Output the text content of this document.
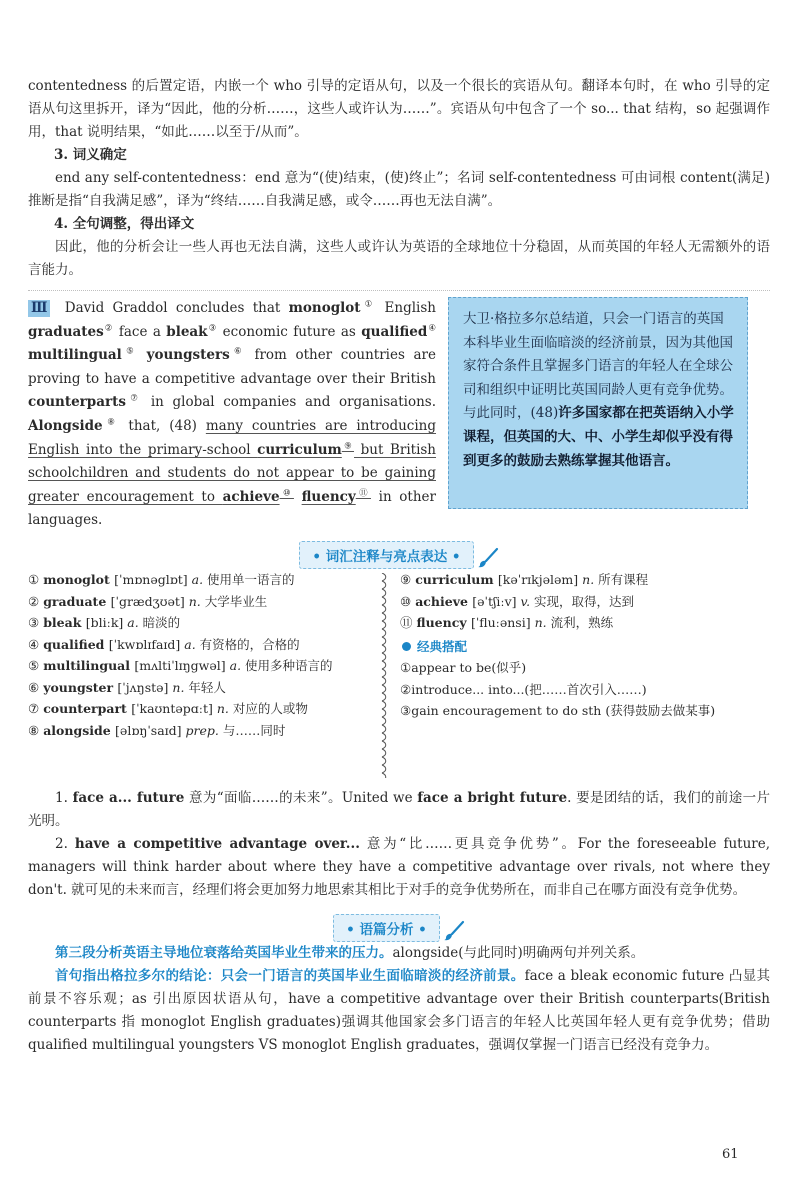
contentedness 的后置定语，内嵌一个 who 引导的定语从句，以及一个很长的宾语从句。翻译本句时，在 who 引导的定语从句这里拆开，译为“因此，他的分析……，这些人或许认为……”。宾语从句中包含了一个 so... that 结构，so 起强调作用，that 说明结果，“如此……以至于/从而”。

3. 词义确定

end any self-contentedness：end 意为“(使)结束，(使)终止”；名词 self-contentedness 可由词根 content(满足)推断是指“自我满足感”，译为“终结……自我满足感，或令……再也无法自满”。

4. 全句调整，得出译文

因此，他的分析会让一些人再也无法自满，这些人或许认为英语的全球地位十分稳固，从而英国的年轻人无需额外的语言能力。

Ⅲ David Graddol concludes that monoglot① English graduates② face a bleak③ economic future as qualified④ multilingual⑤ youngsters⑥ from other countries are proving to have a competitive advantage over their British counterparts⑦ in global companies and organisations. Alongside⑧ that, (48) many countries are introducing English into the primary-school curriculum⑨ but British schoolchildren and students do not appear to be gaining greater encouragement to achieve⑩ fluency⑪ in other languages.

大卫·格拉多尔总结道，只会一门语言的英国本科毕业生面临暗淡的经济前景，因为其他国家符合条件且掌握多门语言的年轻人在全球公司和组织中证明比英国同龄人更有竞争优势。与此同时，(48)许多国家都在把英语纳入小学课程，但英国的大、中、小学生却似乎没有得到更多的鼓励去熟练掌握其他语言。
• 词汇注释与亮点表达 •
① monoglot [ˈmɒnəglɒt] a. 使用单一语言的
② graduate [ˈgrædʒʊət] n. 大学毕业生
③ bleak [bliːk] a. 暗淡的
④ qualified [ˈkwɒlɪfaɪd] a. 有资格的，合格的
⑤ multilingual [mʌltiˈlɪŋgwəl] a. 使用多种语言的
⑥ youngster [ˈjʌŋstə] n. 年轻人
⑦ counterpart [ˈkaʊntəpɑːt] n. 对应的人或物
⑧ alongside [əlɒŋˈsaɪd] prep. 与……同时
⑨ curriculum [kəˈrɪkjələm] n. 所有课程
⑩ achieve [əˈtʃiːv] v. 实现，取得，达到
⑪ fluency [ˈfluːənsi] n. 流利，熟练
经典搭配
①appear to be(似乎)
②introduce... into...(把……首次引入……)
③gain encouragement to do sth (获得鼓励去做某事)

1. face a... future 意为“面临……的未来”。United we face a bright future. 要是团结的话，我们的前途一片光明。

2. have a competitive advantage over... 意为“比……更具竞争优势”。For the foreseeable future, managers will think harder about where they have a competitive advantage over rivals, not where they don't. 就可见的未来而言，经理们将会更加努力地思索其相比于对手的竞争优势所在，而非自己在哪方面没有竞争优势。

• 语篇分析 •

第三段分析英语主导地位衰落给英国毕业生带来的压力。alongside(与此同时)明确两句并列关系。

首句指出格拉多尔的结论：只会一门语言的英国毕业生面临暗淡的经济前景。face a bleak economic future 凸显其前景不容乐观；as 引出原因状语从句，have a competitive advantage over their British counterparts(British counterparts 指 monoglot English graduates)强调其他国家会多门语言的年轻人比英国年轻人更有竞争优势；借助 qualified multilingual youngsters VS monoglot English graduates，强调仅掌握一门语言已经没有竞争力。

61
